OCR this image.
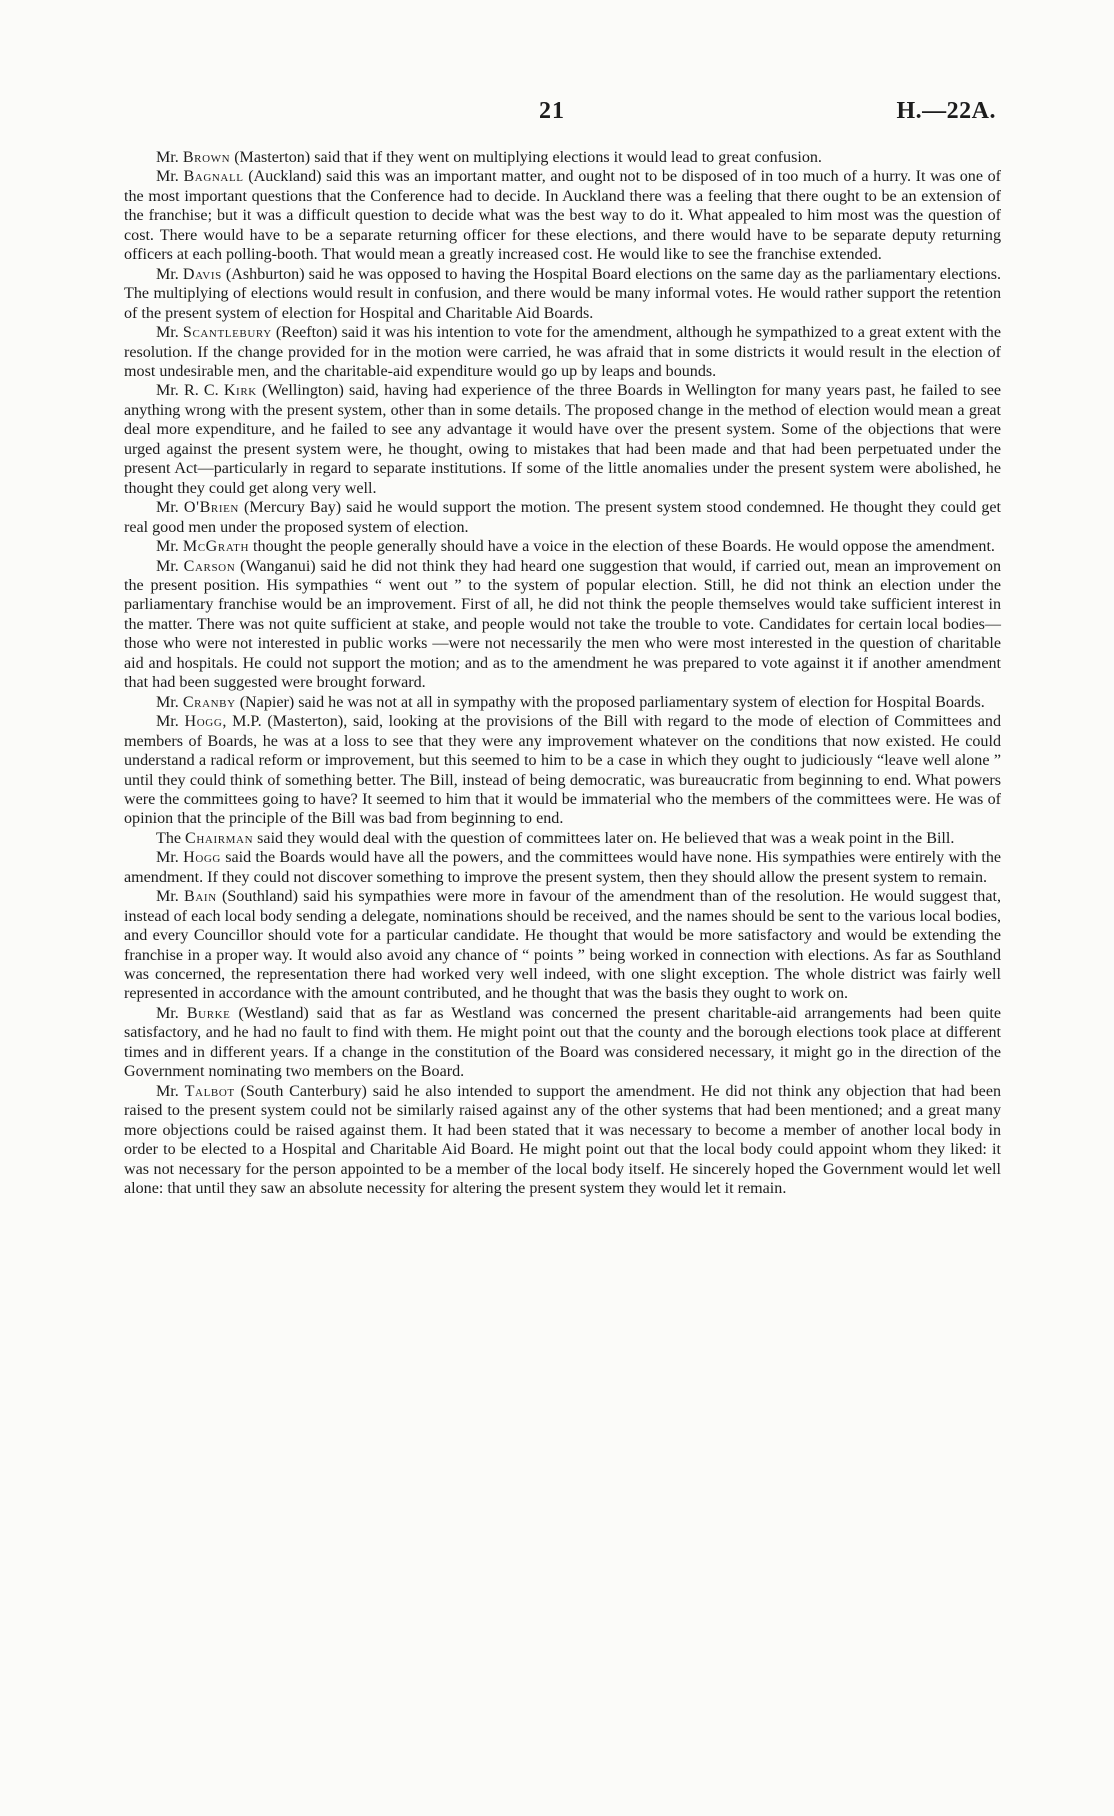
21	H.—22A.

Mr. Brown (Masterton) said that if they went on multiplying elections it would lead to great confusion.

Mr. Bagnall (Auckland) said this was an important matter, and ought not to be disposed of in too much of a hurry. It was one of the most important questions that the Conference had to decide. In Auckland there was a feeling that there ought to be an extension of the franchise; but it was a difficult question to decide what was the best way to do it. What appealed to him most was the question of cost. There would have to be a separate returning officer for these elections, and there would have to be separate deputy returning officers at each polling-booth. That would mean a greatly increased cost. He would like to see the franchise extended.

Mr. Davis (Ashburton) said he was opposed to having the Hospital Board elections on the same day as the parliamentary elections. The multiplying of elections would result in confusion, and there would be many informal votes. He would rather support the retention of the present system of election for Hospital and Charitable Aid Boards.

Mr. Scantlebury (Reefton) said it was his intention to vote for the amendment, although he sympathized to a great extent with the resolution. If the change provided for in the motion were carried, he was afraid that in some districts it would result in the election of most undesirable men, and the charitable-aid expenditure would go up by leaps and bounds.

Mr. R. C. Kirk (Wellington) said, having had experience of the three Boards in Wellington for many years past, he failed to see anything wrong with the present system, other than in some details. The proposed change in the method of election would mean a great deal more expenditure, and he failed to see any advantage it would have over the present system. Some of the objections that were urged against the present system were, he thought, owing to mistakes that had been made and that had been perpetuated under the present Act—particularly in regard to separate institutions. If some of the little anomalies under the present system were abolished, he thought they could get along very well.

Mr. O'Brien (Mercury Bay) said he would support the motion. The present system stood condemned. He thought they could get real good men under the proposed system of election.

Mr. McGrath thought the people generally should have a voice in the election of these Boards. He would oppose the amendment.

Mr. Carson (Wanganui) said he did not think they had heard one suggestion that would, if carried out, mean an improvement on the present position. His sympathies “ went out ” to the system of popular election. Still, he did not think an election under the parliamentary franchise would be an improvement. First of all, he did not think the people themselves would take sufficient interest in the matter. There was not quite sufficient at stake, and people would not take the trouble to vote. Candidates for certain local bodies—those who were not interested in public works —were not necessarily the men who were most interested in the question of charitable aid and hospitals. He could not support the motion; and as to the amendment he was prepared to vote against it if another amendment that had been suggested were brought forward.

Mr. Cranby (Napier) said he was not at all in sympathy with the proposed parliamentary system of election for Hospital Boards.

Mr. Hogg, M.P. (Masterton), said, looking at the provisions of the Bill with regard to the mode of election of Committees and members of Boards, he was at a loss to see that they were any improvement whatever on the conditions that now existed. He could understand a radical reform or improvement, but this seemed to him to be a case in which they ought to judiciously “leave well alone ” until they could think of something better. The Bill, instead of being democratic, was bureaucratic from beginning to end. What powers were the committees going to have? It seemed to him that it would be immaterial who the members of the committees were. He was of opinion that the principle of the Bill was bad from beginning to end.

The Chairman said they would deal with the question of committees later on. He believed that was a weak point in the Bill.

Mr. Hogg said the Boards would have all the powers, and the committees would have none. His sympathies were entirely with the amendment. If they could not discover something to improve the present system, then they should allow the present system to remain.

Mr. Bain (Southland) said his sympathies were more in favour of the amendment than of the resolution. He would suggest that, instead of each local body sending a delegate, nominations should be received, and the names should be sent to the various local bodies, and every Councillor should vote for a particular candidate. He thought that would be more satisfactory and would be extending the franchise in a proper way. It would also avoid any chance of “ points ” being worked in connection with elections. As far as Southland was concerned, the representation there had worked very well indeed, with one slight exception. The whole district was fairly well represented in accordance with the amount contributed, and he thought that was the basis they ought to work on.

Mr. Burke (Westland) said that as far as Westland was concerned the present charitable-aid arrangements had been quite satisfactory, and he had no fault to find with them. He might point out that the county and the borough elections took place at different times and in different years. If a change in the constitution of the Board was considered necessary, it might go in the direction of the Government nominating two members on the Board.

Mr. Talbot (South Canterbury) said he also intended to support the amendment. He did not think any objection that had been raised to the present system could not be similarly raised against any of the other systems that had been mentioned; and a great many more objections could be raised against them. It had been stated that it was necessary to become a member of another local body in order to be elected to a Hospital and Charitable Aid Board. He might point out that the local body could appoint whom they liked: it was not necessary for the person appointed to be a member of the local body itself. He sincerely hoped the Government would let well alone: that until they saw an absolute necessity for altering the present system they would let it remain.
